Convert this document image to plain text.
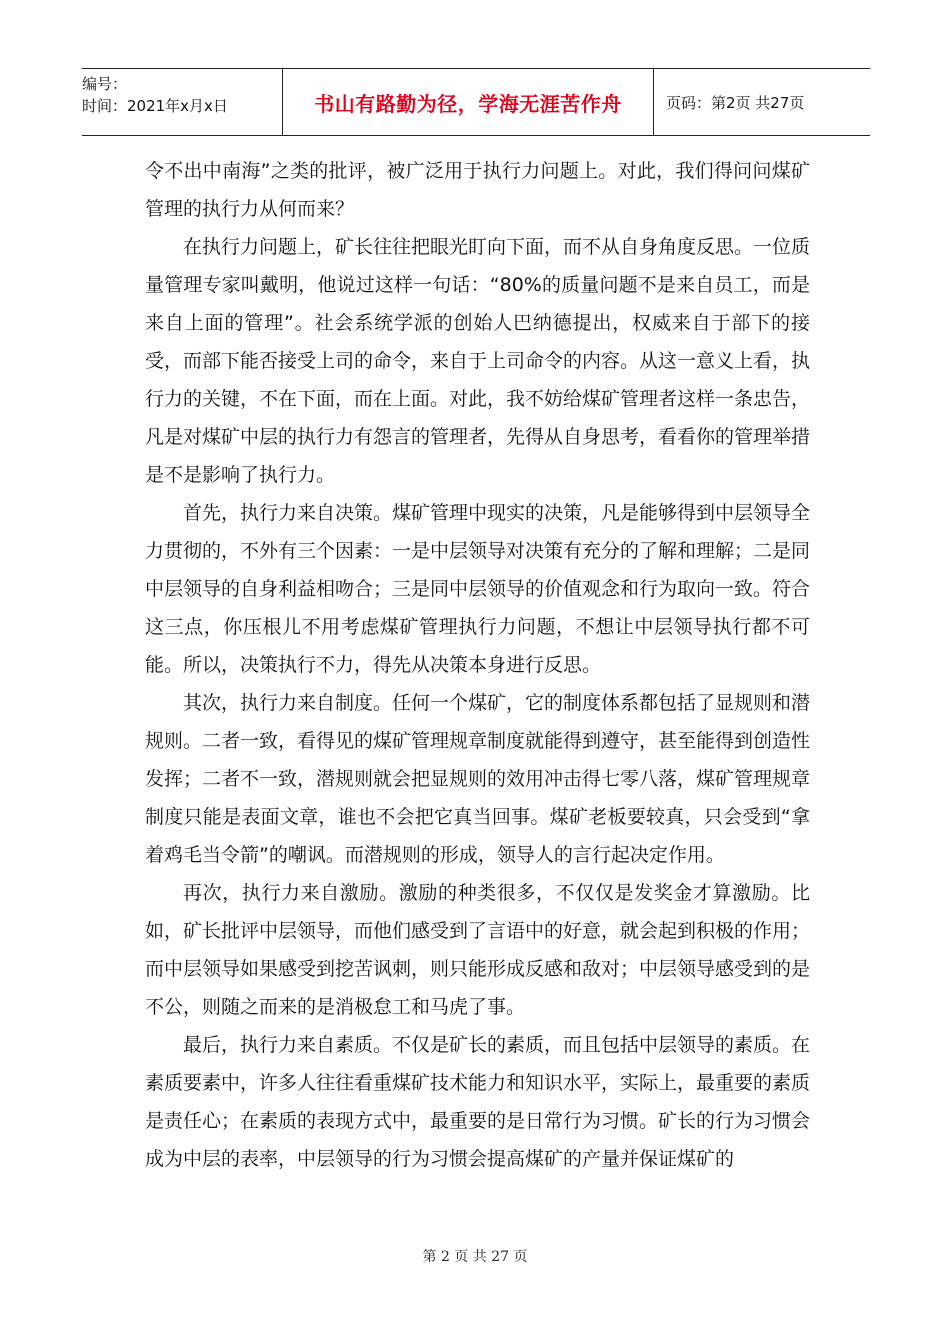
编号：
时间：2021年x月x日	书山有路勤为径，学海无涯苦作舟	页码：第2页 共27页

令不出中南海”之类的批评，被广泛用于执行力问题上。对此，我们得问问煤矿管理的执行力从何而来？

在执行力问题上，矿长往往把眼光盯向下面，而不从自身角度反思。一位质量管理专家叫戴明，他说过这样一句话：“80%的质量问题不是来自员工，而是来自上面的管理”。社会系统学派的创始人巴纳德提出，权威来自于部下的接受，而部下能否接受上司的命令，来自于上司命令的内容。从这一意义上看，执行力的关键，不在下面，而在上面。对此，我不妨给煤矿管理者这样一条忠告，凡是对煤矿中层的执行力有怨言的管理者，先得从自身思考，看看你的管理举措是不是影响了执行力。

首先，执行力来自决策。煤矿管理中现实的决策，凡是能够得到中层领导全力贯彻的，不外有三个因素：一是中层领导对决策有充分的了解和理解；二是同中层领导的自身利益相吻合；三是同中层领导的价值观念和行为取向一致。符合这三点，你压根儿不用考虑煤矿管理执行力问题，不想让中层领导执行都不可能。所以，决策执行不力，得先从决策本身进行反思。

其次，执行力来自制度。任何一个煤矿，它的制度体系都包括了显规则和潜规则。二者一致，看得见的煤矿管理规章制度就能得到遵守，甚至能得到创造性发挥；二者不一致，潜规则就会把显规则的效用冲击得七零八落，煤矿管理规章制度只能是表面文章，谁也不会把它真当回事。煤矿老板要较真，只会受到“拿着鸡毛当令箭”的嘲讽。而潜规则的形成，领导人的言行起决定作用。

再次，执行力来自激励。激励的种类很多，不仅仅是发奖金才算激励。比如，矿长批评中层领导，而他们感受到了言语中的好意，就会起到积极的作用；而中层领导如果感受到挖苦讽刺，则只能形成反感和敌对；中层领导感受到的是不公，则随之而来的是消极怠工和马虎了事。

最后，执行力来自素质。不仅是矿长的素质，而且包括中层领导的素质。在素质要素中，许多人往往看重煤矿技术能力和知识水平，实际上，最重要的素质是责任心；在素质的表现方式中，最重要的是日常行为习惯。矿长的行为习惯会成为中层的表率，中层领导的行为习惯会提高煤矿的产量并保证煤矿的

第 2 页 共 27 页
